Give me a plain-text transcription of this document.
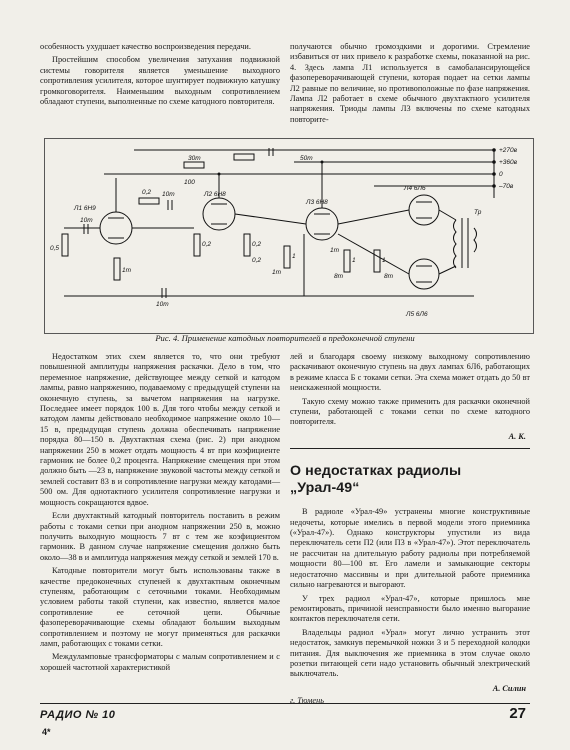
особенность ухудшает качество воспроизведения передачи.

Простейшим способом увеличения затухания подвижной системы говорителя является уменьшение выходного сопротивления усилителя, которое шунтирует подвижную катушку громкоговорителя. Наименьшим выходным сопротивлением обладают ступени, выполненные по схеме катодного повторителя.

получаются обычно громоздкими и дорогими. Стремление избавиться от них привело к разработке схемы, показанной на рис. 4. Здесь лампа Л1 используется в самобалансирующейся фазопереворачивающей ступени, которая подает на сетки лампы Л2 равные по величине, но противоположные по фазе напряжения. Лампа Л2 работает в схеме обычного двухтактного усилителя напряжения. Триоды лампы Л3 включены по схеме катодных повторите-

+270в
+360в
0
–70в
Л1 6Н9
Л2 6Н8
Л3 6Н8
Л4 6Л6
Л5 6Л6
Тр
10т
10т
10т
30т	50т
100
0,2
0,2	0,2
0,2
0,5
1т	1т
1т
8т	8т
1
1	1
Рис. 4. Применение катодных повторителей в предоконечной ступени

Недостатком этих схем является то, что они требуют повышенной амплитуды напряжения раскачки. Дело в том, что переменное напряжение, действующее между сеткой и катодом лампы, равно напряжению, подаваемому с предыдущей ступени на оконечную ступень, за вычетом напряжения на нагрузке. Последнее имеет порядок 100 в. Для того чтобы между сеткой и катодом лампы действовало необходимое напряжение около 10—15 в, предыдущая ступень должна обеспечивать напряжение порядка 80—150 в. Двухтактная схема (рис. 2) при анодном напряжении 250 в может отдать мощность 4 вт при коэфициенте гармоник не более 0,2 процента. Напряжение смещения при этом должно быть —23 в, напряжение звуковой частоты между сеткой и землей составит 83 в и сопротивление нагрузки между катодами—500 ом. Для однотактного усилителя сопротивление нагрузки и мощность сокращаются вдвое.

Если двухтактный катодный повторитель поставить в режим работы с токами сетки при анодном напряжении 250 в, можно получить выходную мощность 7 вт с тем же коэфициентом гармоник. В данном случае напряжение смещения должно быть около—38 в и амплитуда напряжения между сеткой и землей 170 в.

Катодные повторители могут быть использованы также в качестве предоконечных ступеней к двухтактным оконечным ступеням, работающим с сеточными токами. Необходимым условием работы такой ступени, как известно, является малое сопротивление ее сеточной цепи. Обычные фазопереворачивающие схемы обладают большим выходным сопротивлением и поэтому не могут применяться для раскачки ламп, работающих с токами сетки.

Междуламповые трансформаторы с малым сопротивлением и с хорошей частотной характеристикой

лей и благодаря своему низкому выходному сопротивлению раскачивают оконечную ступень на двух лампах 6Л6, работающих в режиме класса Б с токами сетки. Эта схема может отдать до 50 вт неискаженной мощности.

Такую схему можно также применить для раскачки оконечной ступени, работающей с токами сетки по схеме катодного повторителя.

А. К.
О недостатках радиолы „Урал-49“

В радиоле «Урал-49» устранены многие конструктивные недочеты, которые имелись в первой модели этого приемника («Урал-47»). Однако конструкторы упустили из вида переключатель сети П2 (или П3 в «Урал-47»). Этот переключатель не рассчитан на длительную работу радиолы при потребляемой мощности 80—100 вт. Его ламели и замыкающие секторы недостаточно массивны и при длительной работе приемника сильно нагреваются и выгорают.

У трех радиол «Урал-47», которые пришлось мне ремонтировать, причиной неисправности было именно выгорание контактов переключателя сети.

Владельцы радиол «Урал» могут лично устранить этот недостаток, замкнув перемычкой ножки 3 и 5 переходной колодки питания. Для выключения же приемника в этом случае около розетки питающей сети надо установить обычный электрический выключатель.

А. Силин
г. Тюмень
РАДИО № 10	27
4*
